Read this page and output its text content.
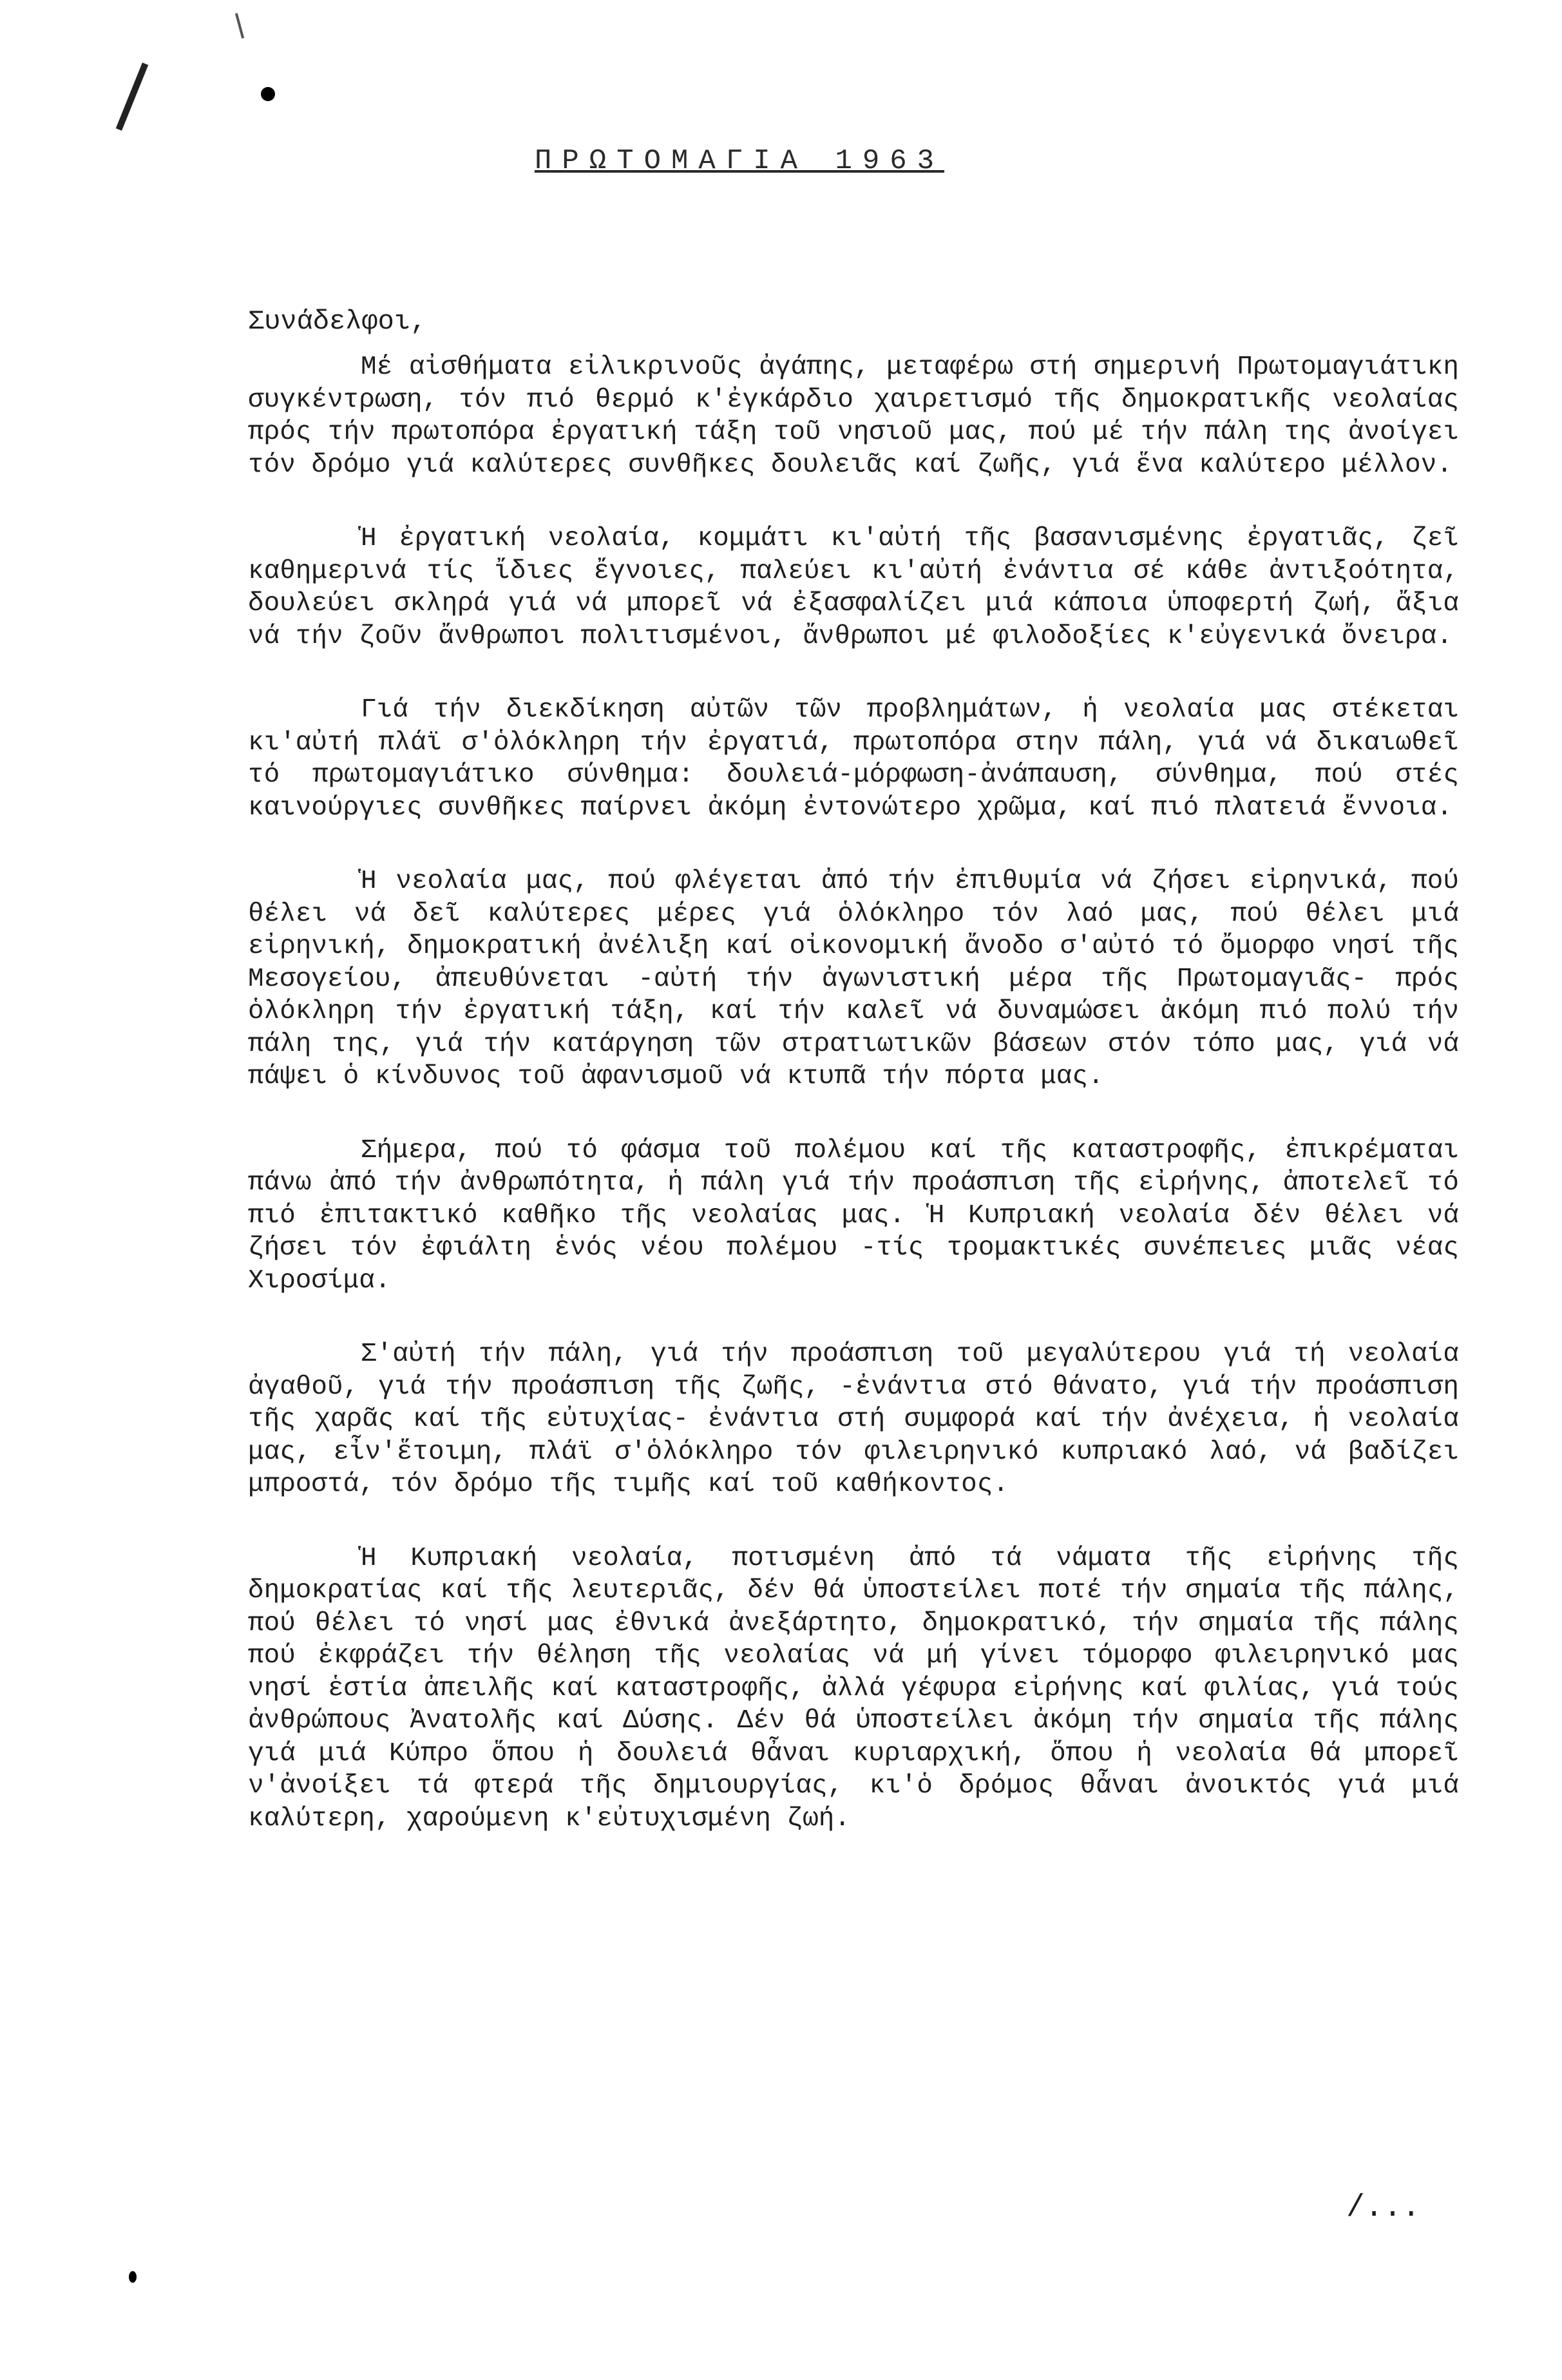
ΠΡΩΤΟΜΑΓΙΑ 1963
Συνάδελφοι,

Μέ αἰσθήματα εἰλικρινοῦς ἀγάπης, μεταφέρω στή σημερινή Πρωτομαγιάτικη συγκέντρωση, τόν πιό θερμό κ'ἐγκάρδιο χαιρετισμό τῆς δημοκρατικῆς νεολαίας πρός τήν πρωτοπόρα ἐργατική τάξη τοῦ νησιοῦ μας, πού μέ τήν πάλη της ἀνοίγει τόν δρόμο γιά καλύτερες συνθῆκες δουλειᾶς καί ζωῆς, γιά ἕνα καλύτερο μέλλον.

Ἡ ἐργατική νεολαία, κομμάτι κι'αὐτή τῆς βασανισμένης ἐργατιᾶς, ζεῖ καθημερινά τίς ἴδιες ἔγνοιες, παλεύει κι'αὐτή ἐνάντια σέ κάθε ἀντιξοότητα, δουλεύει σκληρά γιά νά μπορεῖ νά ἐξασφαλίζει μιά κάποια ὑποφερτή ζωή, ἄξια νά τήν ζοῦν ἄνθρωποι πολιτισμένοι, ἄνθρωποι μέ φιλοδοξίες κ'εὐγενικά ὄνειρα.

Γιά τήν διεκδίκηση αὐτῶν τῶν προβλημάτων, ἡ νεολαία μας στέκεται κι'αὐτή πλάϊ σ'ὁλόκληρη τήν ἐργατιά, πρωτοπόρα στην πάλη, γιά νά δικαιωθεῖ τό πρωτομαγιάτικο σύνθημα: δουλειά-μόρφωση-ἀνάπαυση, σύνθημα, πού στές καινούργιες συνθῆκες παίρνει ἀκόμη ἐντονώτερο χρῶμα, καί πιό πλατειά ἔννοια.

Ἡ νεολαία μας, πού φλέγεται ἀπό τήν ἐπιθυμία νά ζήσει εἰρηνικά, πού θέλει νά δεῖ καλύτερες μέρες γιά ὁλόκληρο τόν λαό μας, πού θέλει μιά εἰρηνική, δημοκρατική ἀνέλιξη καί οἰκονομική ἄνοδο σ'αὐτό τό ὄμορφο νησί τῆς Μεσογείου, ἀπευθύνεται -αὐτή τήν ἀγωνιστική μέρα τῆς Πρωτομαγιᾶς- πρός ὁλόκληρη τήν ἐργατική τάξη, καί τήν καλεῖ νά δυναμώσει ἀκόμη πιό πολύ τήν πάλη της, γιά τήν κατάργηση τῶν στρατιωτικῶν βάσεων στόν τόπο μας, γιά νά πάψει ὁ κίνδυνος τοῦ ἀφανισμοῦ νά κτυπᾶ τήν πόρτα μας.

Σήμερα, πού τό φάσμα τοῦ πολέμου καί τῆς καταστροφῆς, ἐπικρέμαται πάνω ἀπό τήν ἀνθρωπότητα, ἡ πάλη γιά τήν προάσπιση τῆς εἰρήνης, ἀποτελεῖ τό πιό ἐπιτακτικό καθῆκο τῆς νεολαίας μας. Ἡ Κυπριακή νεολαία δέν θέλει νά ζήσει τόν ἐφιάλτη ἑνός νέου πολέμου -τίς τρομακτικές συνέπειες μιᾶς νέας Χιροσίμα.

Σ'αὐτή τήν πάλη, γιά τήν προάσπιση τοῦ μεγαλύτερου γιά τή νεολαία ἀγαθοῦ, γιά τήν προάσπιση τῆς ζωῆς, -ἐνάντια στό θάνατο, γιά τήν προάσπιση τῆς χαρᾶς καί τῆς εὐτυχίας- ἐνάντια στή συμφορά καί τήν ἀνέχεια, ἡ νεολαία μας, εἶν'ἕτοιμη, πλάϊ σ'ὁλόκληρο τόν φιλειρηνικό κυπριακό λαό, νά βαδίζει μπροστά, τόν δρόμο τῆς τιμῆς καί τοῦ καθήκοντος.

Ἡ Κυπριακή νεολαία, ποτισμένη ἀπό τά νάματα τῆς εἰρήνης τῆς δημοκρατίας καί τῆς λευτεριᾶς, δέν θά ὑποστείλει ποτέ τήν σημαία τῆς πάλης, πού θέλει τό νησί μας ἐθνικά ἀνεξάρτητο, δημοκρατικό, τήν σημαία τῆς πάλης πού ἐκφράζει τήν θέληση τῆς νεολαίας νά μή γίνει τόμορφο φιλειρηνικό μας νησί ἑστία ἀπειλῆς καί καταστροφῆς, ἀλλά γέφυρα εἰρήνης καί φιλίας, γιά τούς ἀνθρώπους Ἀνατολῆς καί Δύσης. Δέν θά ὑποστείλει ἀκόμη τήν σημαία τῆς πάλης γιά μιά Κύπρο ὅπου ἡ δουλειά θἆναι κυριαρχική, ὅπου ἡ νεολαία θά μπορεῖ ν'ἀνοίξει τά φτερά τῆς δημιουργίας, κι'ὁ δρόμος θἆναι ἀνοικτός γιά μιά καλύτερη, χαρούμενη κ'εὐτυχισμένη ζωή.

/...
